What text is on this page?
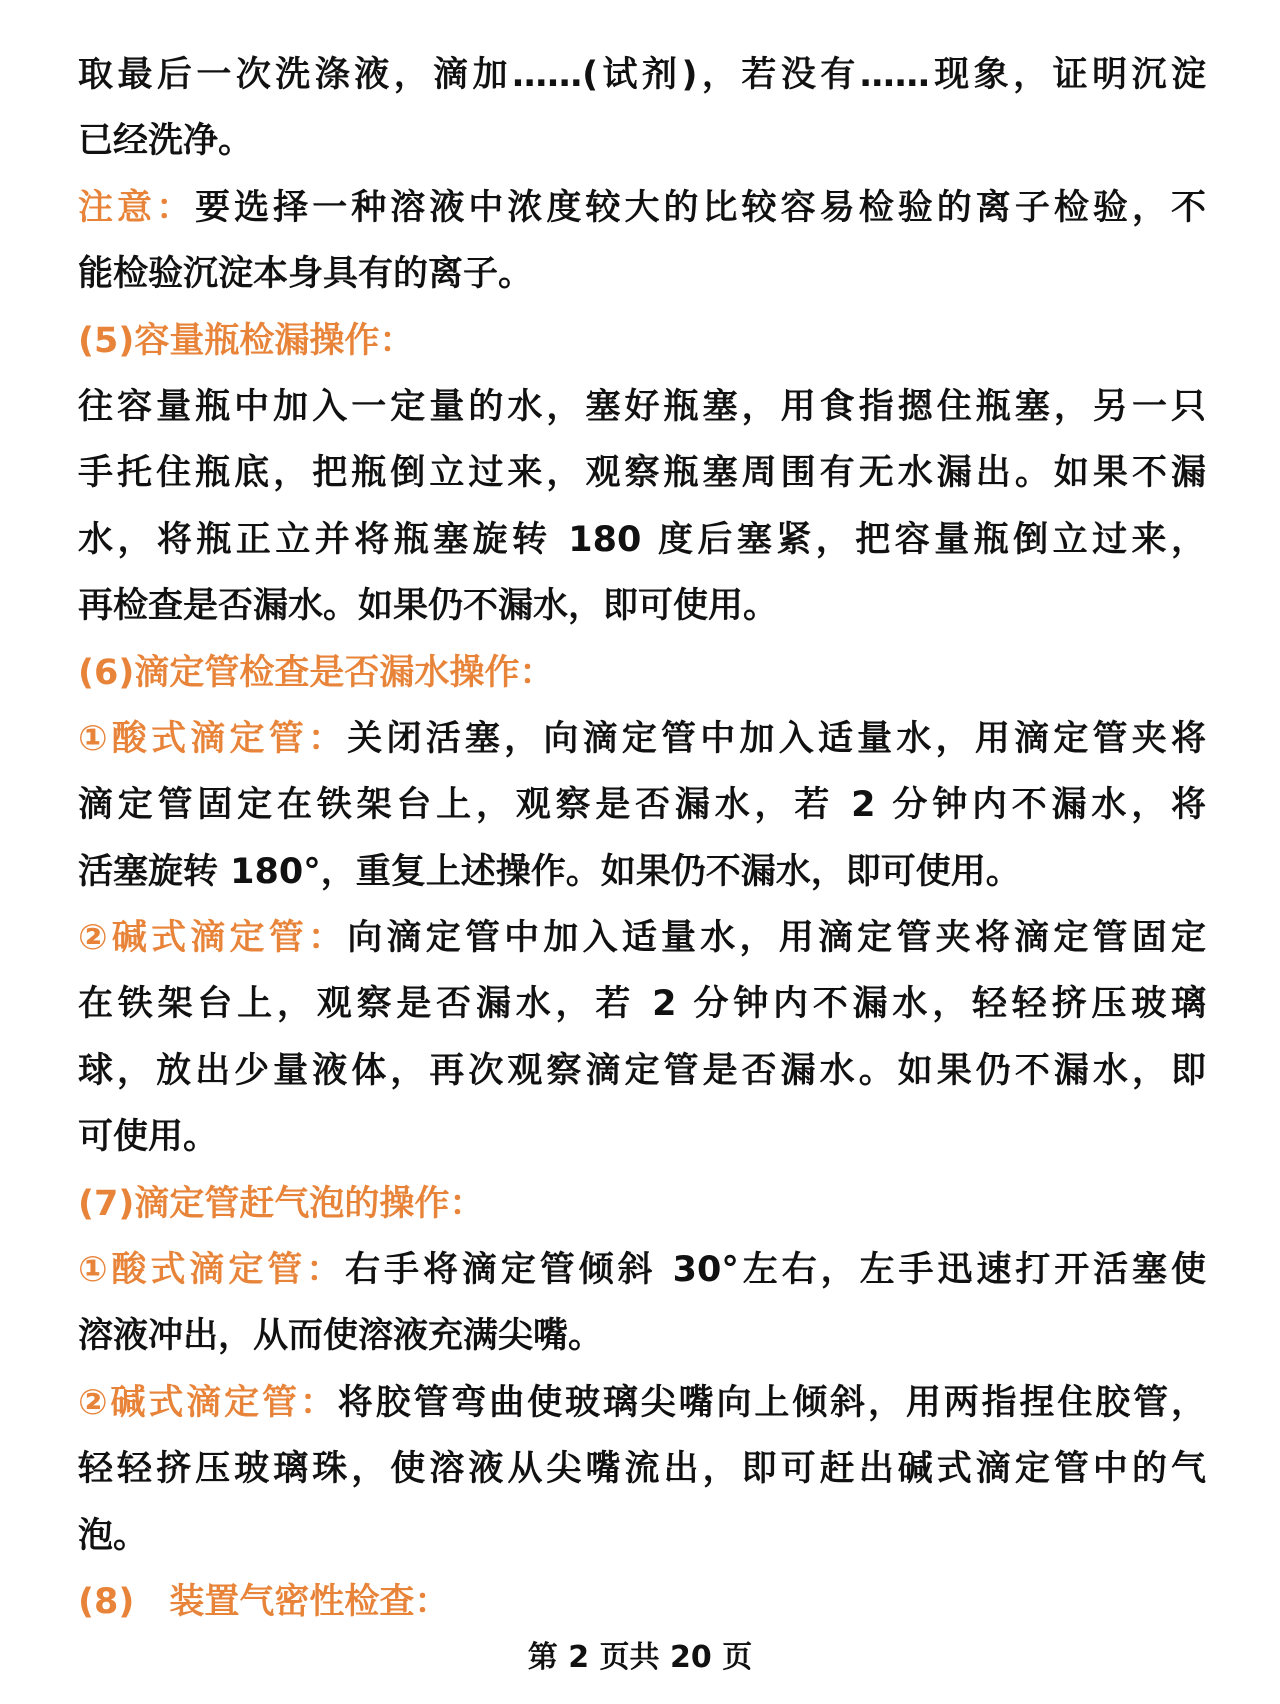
取最后一次洗涤液，滴加……(试剂)，若没有……现象，证明沉淀
已经洗净。
注意：要选择一种溶液中浓度较大的比较容易检验的离子检验，不
能检验沉淀本身具有的离子。
(5)容量瓶检漏操作：
往容量瓶中加入一定量的水，塞好瓶塞，用食指摁住瓶塞，另一只
手托住瓶底，把瓶倒立过来，观察瓶塞周围有无水漏出。如果不漏
水，将瓶正立并将瓶塞旋转 180 度后塞紧，把容量瓶倒立过来，
再检查是否漏水。如果仍不漏水，即可使用。
(6)滴定管检查是否漏水操作：
①酸式滴定管：关闭活塞，向滴定管中加入适量水，用滴定管夹将
滴定管固定在铁架台上，观察是否漏水，若 2 分钟内不漏水，将
活塞旋转 180°，重复上述操作。如果仍不漏水，即可使用。
②碱式滴定管：向滴定管中加入适量水，用滴定管夹将滴定管固定
在铁架台上，观察是否漏水，若 2 分钟内不漏水，轻轻挤压玻璃
球，放出少量液体，再次观察滴定管是否漏水。如果仍不漏水，即
可使用。
(7)滴定管赶气泡的操作：
①酸式滴定管：右手将滴定管倾斜 30°左右，左手迅速打开活塞使
溶液冲出，从而使溶液充满尖嘴。
②碱式滴定管：将胶管弯曲使玻璃尖嘴向上倾斜，用两指捏住胶管，
轻轻挤压玻璃珠，使溶液从尖嘴流出，即可赶出碱式滴定管中的气
泡。
(8)　装置气密性检查：
第 2 页共 20 页
